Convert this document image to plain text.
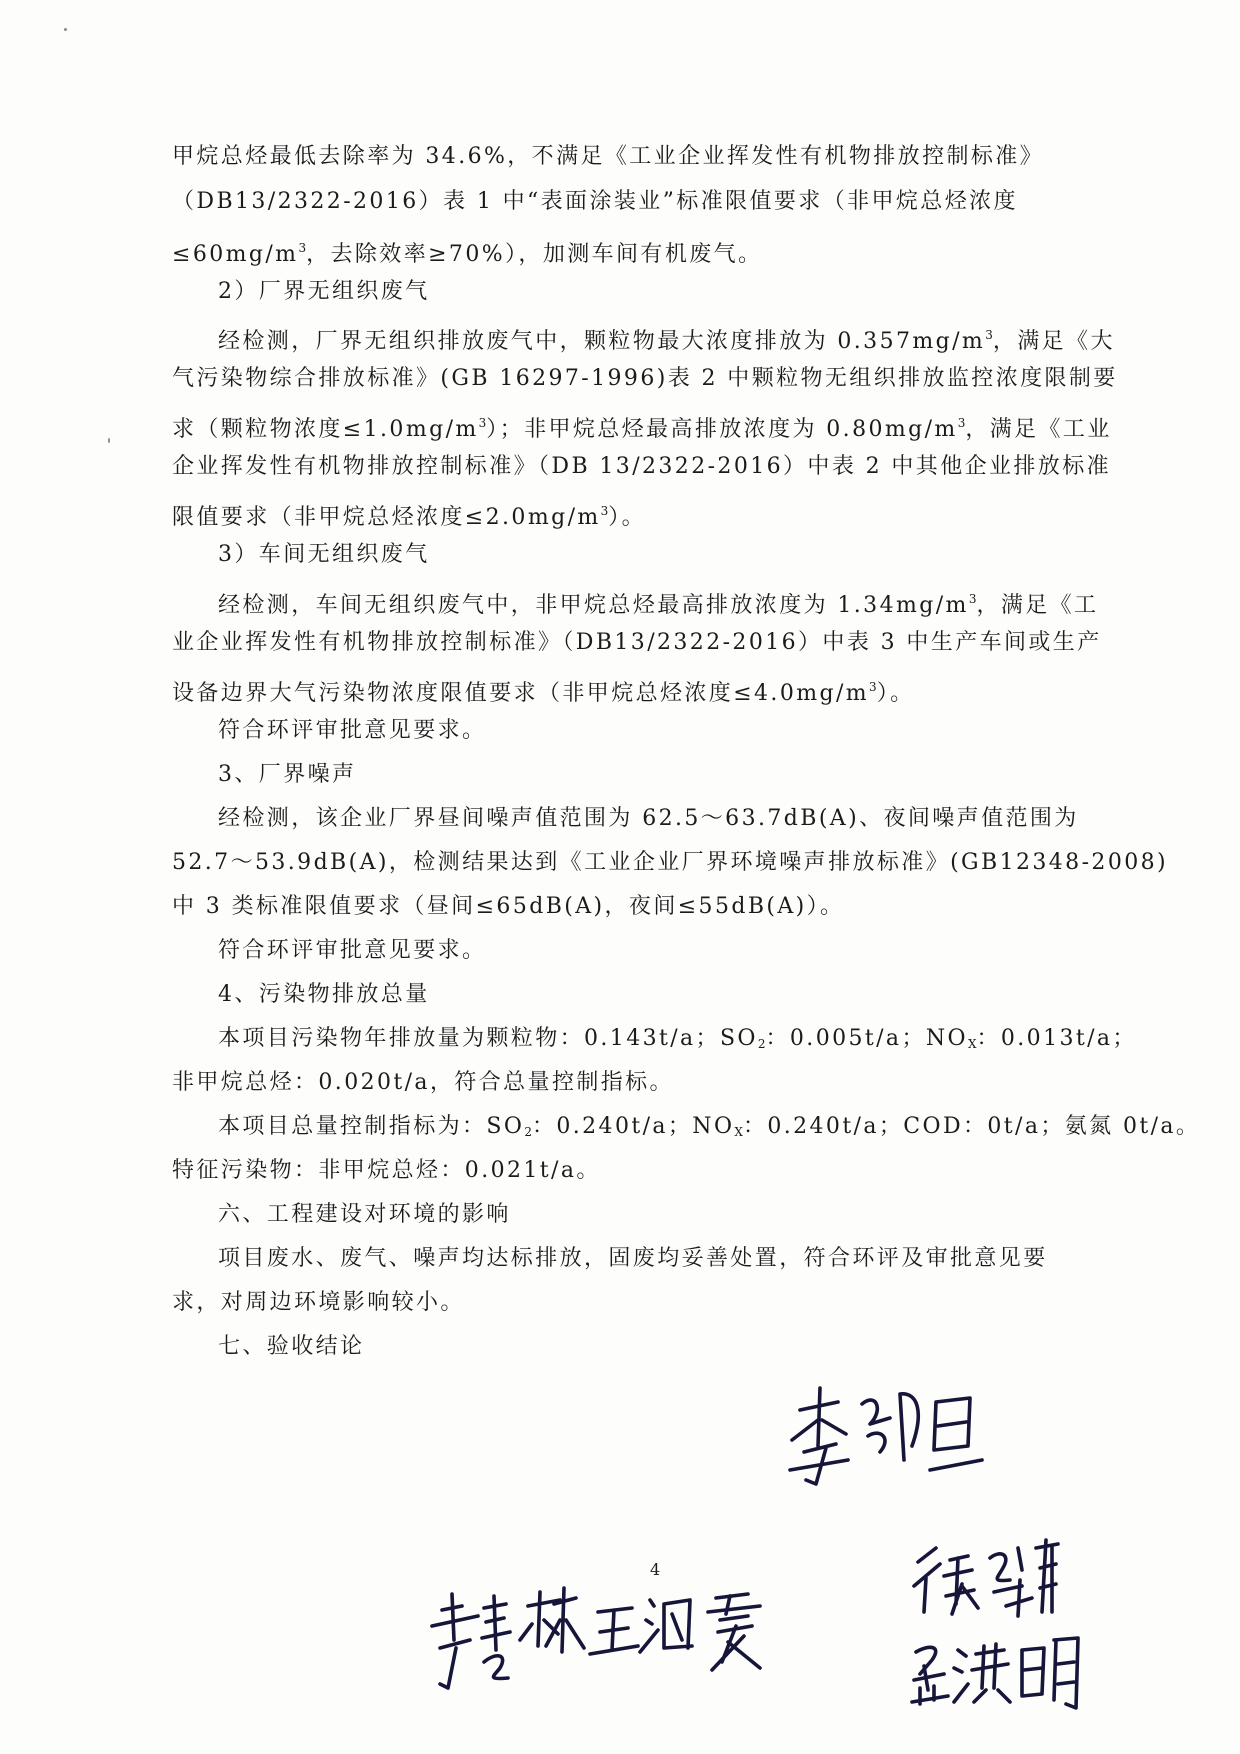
甲烷总烃最低去除率为 34.6%，不满足《工业企业挥发性有机物排放控制标准》
（DB13/2322-2016）表 1 中“表面涂装业”标准限值要求（非甲烷总烃浓度
$\le 60mg/m^3$，去除效率≥70%），加测车间有机废气。
2）厂界无组织废气
经检测，厂界无组织排放废气中，颗粒物最大浓度排放为 $0.357mg/m^3$，满足《大
气污染物综合排放标准》(GB 16297-1996)表 2 中颗粒物无组织排放监控浓度限制要
求（颗粒物浓度$\le 1.0mg/m^3$）；非甲烷总烃最高排放浓度为 $0.80mg/m^3$，满足《工业
企业挥发性有机物排放控制标准》（DB 13/2322-2016）中表 2 中其他企业排放标准
限值要求（非甲烷总烃浓度$\le 2.0mg/m^3$）。
3）车间无组织废气
经检测，车间无组织废气中，非甲烷总烃最高排放浓度为 $1.34mg/m^3$，满足《工
业企业挥发性有机物排放控制标准》（DB13/2322-2016）中表 3 中生产车间或生产
设备边界大气污染物浓度限值要求（非甲烷总烃浓度$\le 4.0mg/m^3$）。
符合环评审批意见要求。
3、厂界噪声
经检测，该企业厂界昼间噪声值范围为 62.5～63.7dB(A)、夜间噪声值范围为
52.7～53.9dB(A)，检测结果达到《工业企业厂界环境噪声排放标准》(GB12348-2008)
中 3 类标准限值要求（昼间≤65dB(A)，夜间≤55dB(A)）。
符合环评审批意见要求。
4、污染物排放总量
本项目污染物年排放量为颗粒物：0.143t/a；$SO_2$：0.005t/a；$NO_X$：0.013t/a；
非甲烷总烃：0.020t/a，符合总量控制指标。
本项目总量控制指标为：$SO_2$：0.240t/a；$NO_X$：0.240t/a；COD：0t/a；氨氮 0t/a。
特征污染物：非甲烷总烃：0.021t/a。
六、工程建设对环境的影响
项目废水、废气、噪声均达标排放，固废均妥善处置，符合环评及审批意见要
求，对周边环境影响较小。
七、验收结论
4
